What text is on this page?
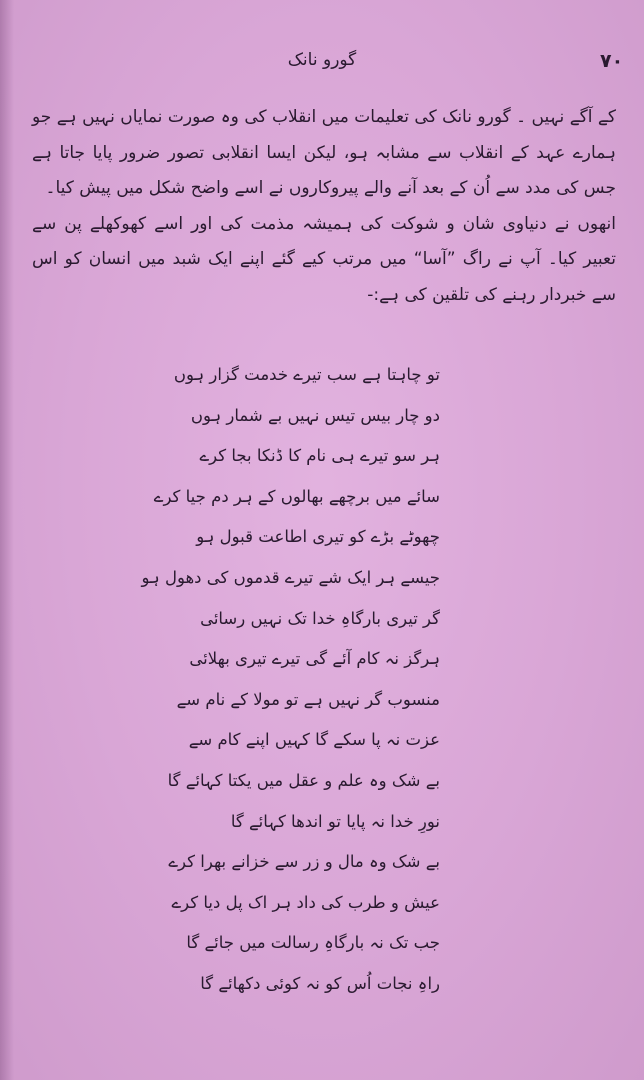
٧٠
گورو نانک

کے آگے نہیں ۔ گورو نانک کی تعلیمات میں انقلاب کی وہ صورت نمایاں نہیں ہے جو ہمارے عہد کے انقلاب سے مشابہ ہو، لیکن ایسا انقلابی تصور ضرور پایا جاتا ہے جس کی مدد سے اُن کے بعد آنے والے پیروکاروں نے اسے واضح شکل میں پیش کیا۔

انھوں نے دنیاوی شان و شوکت کی ہمیشہ مذمت کی اور اسے کھوکھلے پن سے تعبیر کیا۔ آپ نے راگ ”آسا“ میں مرتب کیے گئے اپنے ایک شبد میں انسان کو اس سے خبردار رہنے کی تلقین کی ہے:-

تو چاہتا ہے سب تیرے خدمت گزار ہوں
دو چار بیس تیس نہیں بے شمار ہوں
ہر سو تیرے ہی نام کا ڈنکا بجا کرے
سائے میں برچھے بھالوں کے ہر دم جیا کرے
چھوٹے بڑے کو تیری اطاعت قبول ہو
جیسے ہر ایک شے تیرے قدموں کی دھول ہو
گر تیری بارگاہِ خدا تک نہیں رسائی
ہرگز نہ کام آئے گی تیرے تیری بھلائی
منسوب گر نہیں ہے تو مولا کے نام سے
عزت نہ پا سکے گا کہیں اپنے کام سے
بے شک وہ علم و عقل میں یکتا کہائے گا
نورِ خدا نہ پایا تو اندھا کہائے گا
بے شک وہ مال و زر سے خزانے بھرا کرے
عیش و طرب کی داد ہر اک پل دیا کرے
جب تک نہ بارگاہِ رسالت میں جائے گا
راہِ نجات اُس کو نہ کوئی دکھائے گا
